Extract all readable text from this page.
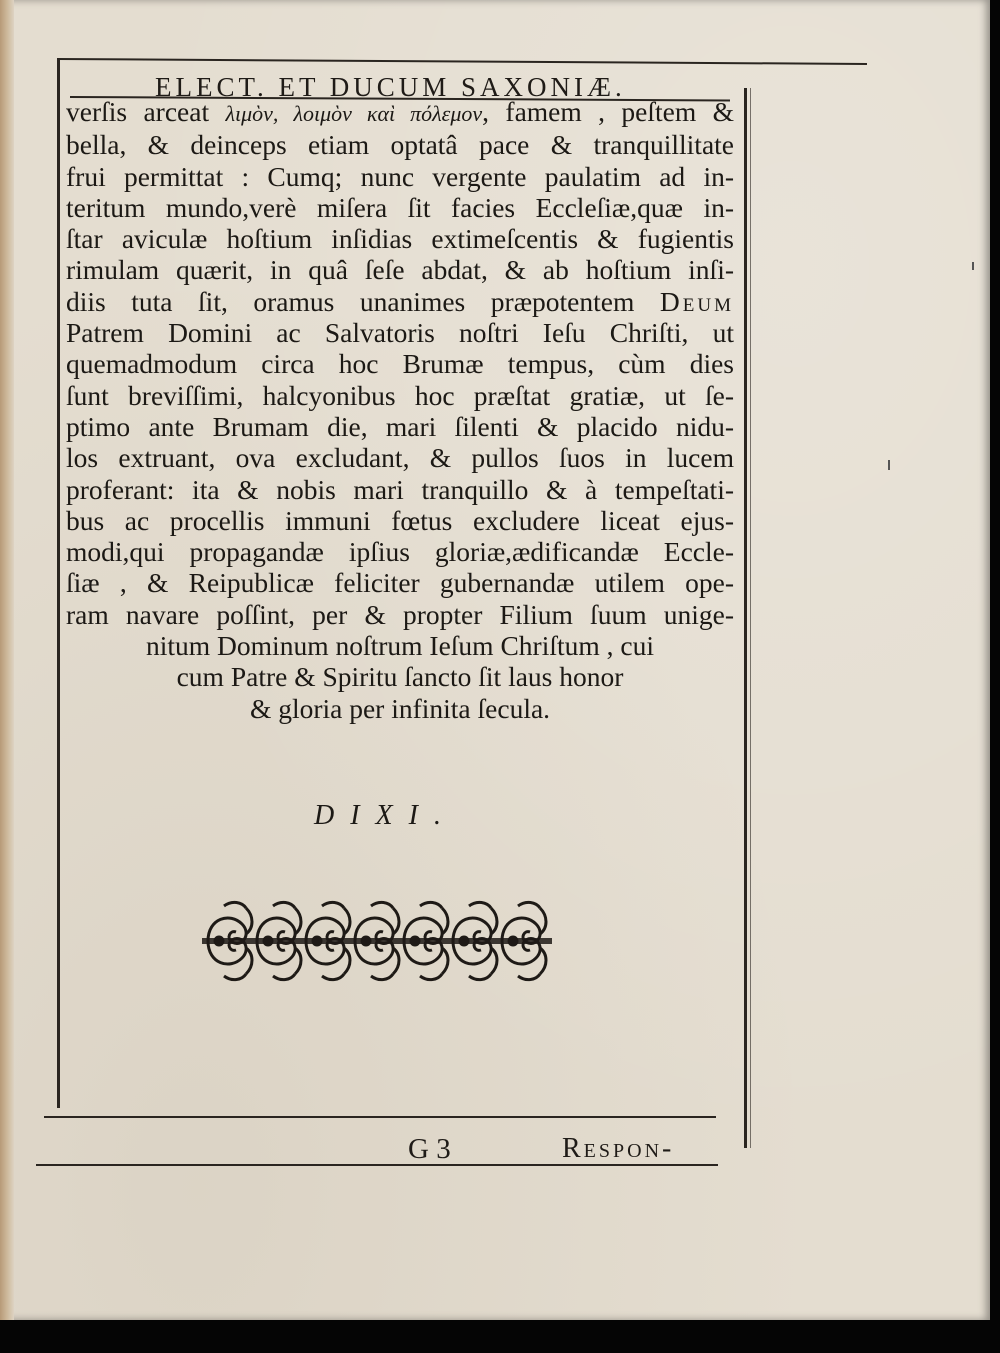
ELECT. ET DUCUM SAXONIÆ.
verſis arceat λιμὸν, λοιμὸν καὶ πόλεμον, famem , peſtem &
bella, & deinceps etiam optatâ pace & tranquillitate
frui permittat : Cumq; nunc vergente paulatim ad in-
teritum mundo,verè miſera ſit facies Eccleſiæ,quæ in-
ſtar aviculæ hoſtium inſidias extimeſcentis & fugientis
rimulam quærit, in quâ ſeſe abdat, & ab hoſtium inſi-
diis tuta ſit, oramus unanimes præpotentem Deum
Patrem Domini ac Salvatoris noſtri Ieſu Chriſti, ut
quemadmodum circa hoc Brumæ tempus, cùm dies
ſunt breviſſimi, halcyonibus hoc præſtat gratiæ, ut ſe-
ptimo ante Brumam die, mari ſilenti & placido nidu-
los extruant, ova excludant, & pullos ſuos in lucem
proferant: ita & nobis mari tranquillo & à tempeſtati-
bus ac procellis immuni fœtus excludere liceat ejus-
modi,qui propagandæ ipſius gloriæ,ædificandæ Eccle-
ſiæ , & Reipublicæ feliciter gubernandæ utilem ope-
ram navare poſſint, per & propter Filium ſuum unige-
nitum Dominum noſtrum Ieſum Chriſtum , cui
cum Patre & Spiritu ſancto ſit laus honor
& gloria per infinita ſecula.
DIXI.
G 3	Respon-
